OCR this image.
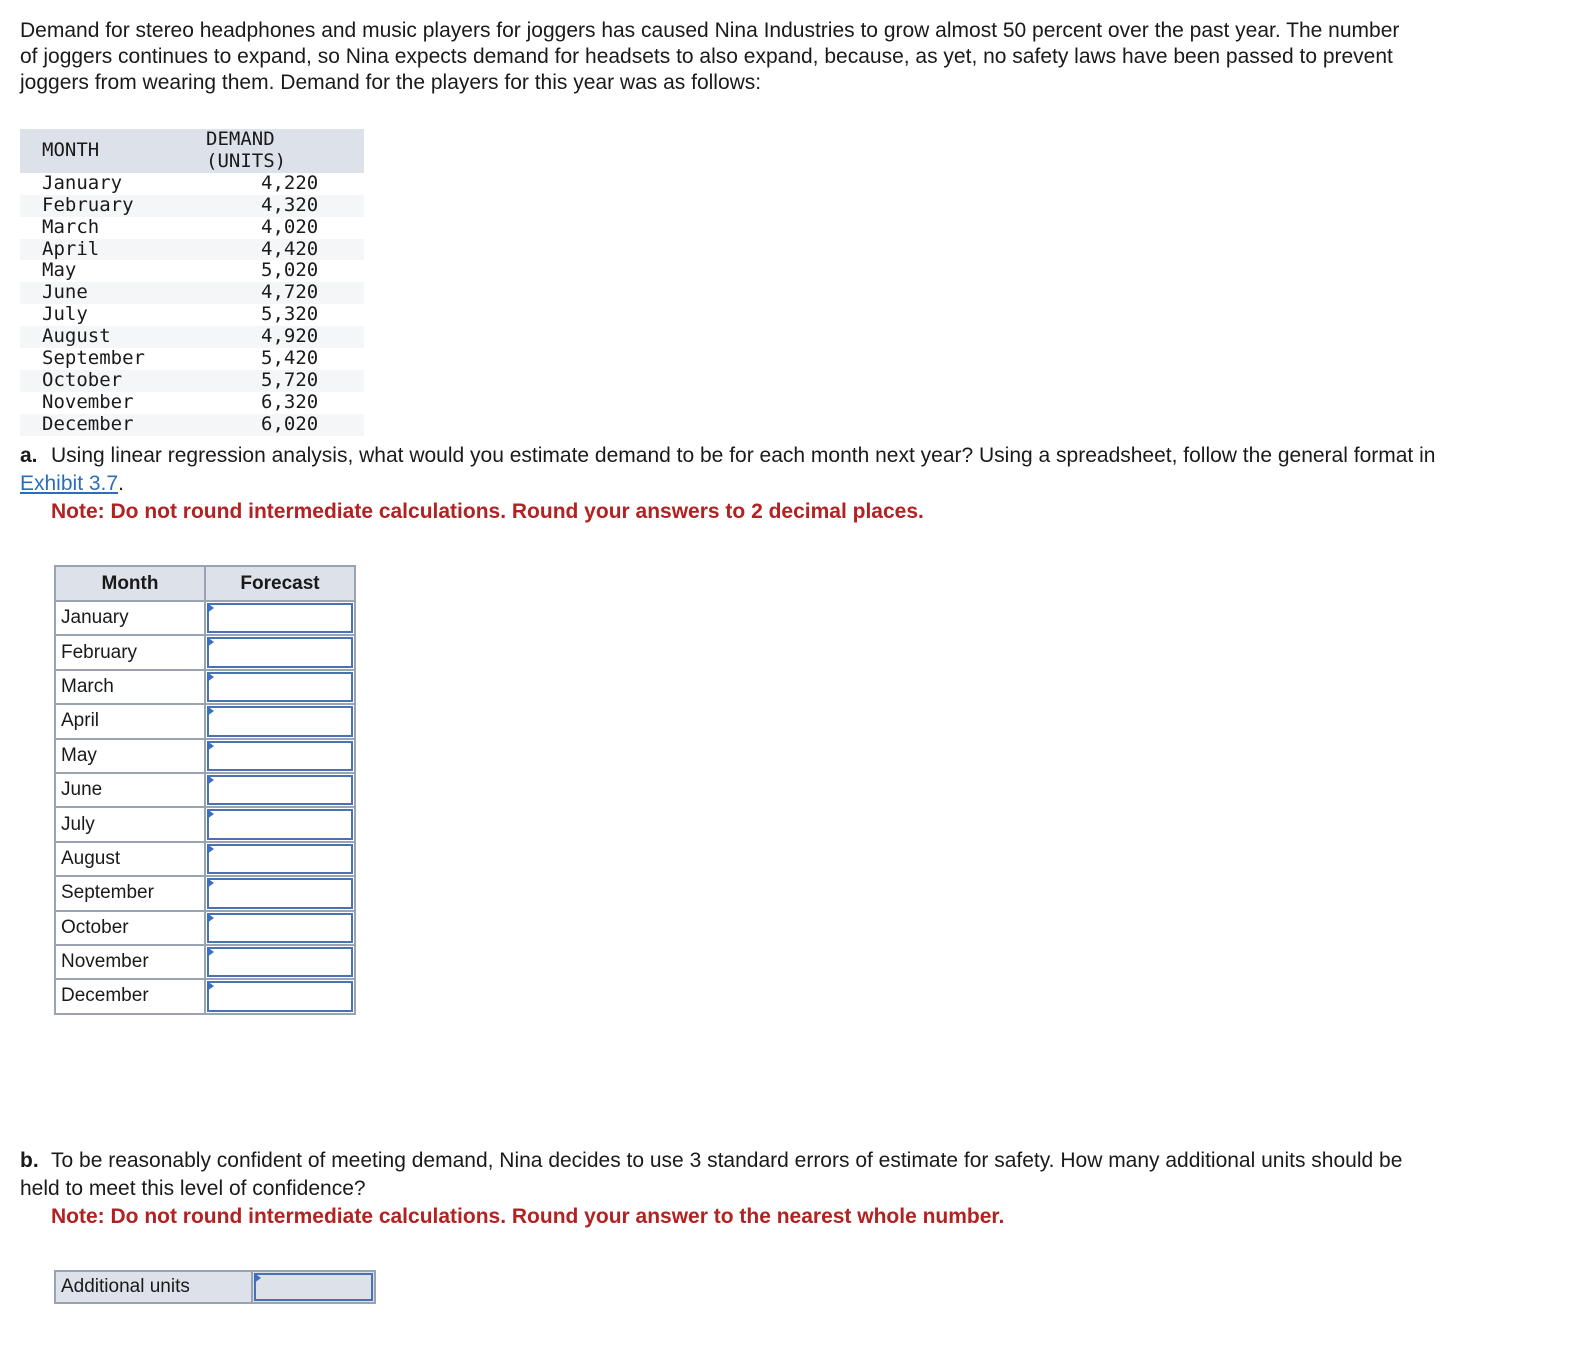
Demand for stereo headphones and music players for joggers has caused Nina Industries to grow almost 50 percent over the past year. The number of joggers continues to expand, so Nina expects demand for headsets to also expand, because, as yet, no safety laws have been passed to prevent joggers from wearing them. Demand for the players for this year was as follows:

MONTH	DEMAND (UNITS)
January	4,220
February	4,320
March	4,020
April	4,420
May	5,020
June	4,720
July	5,320
August	4,920
September	5,420
October	5,720
November	6,320
December	6,020
a. Using linear regression analysis, what would you estimate demand to be for each month next year? Using a spreadsheet, follow the general format in Exhibit 3.7.
Note: Do not round intermediate calculations. Round your answers to 2 decimal places.
Month	Forecast
January	

February	

March	

April	

May	

June	

July	

August	

September	

October	

November	

December	
b. To be reasonably confident of meeting demand, Nina decides to use 3 standard errors of estimate for safety. How many additional units should be held to meet this level of confidence?
Note: Do not round intermediate calculations. Round your answer to the nearest whole number.
Additional units
